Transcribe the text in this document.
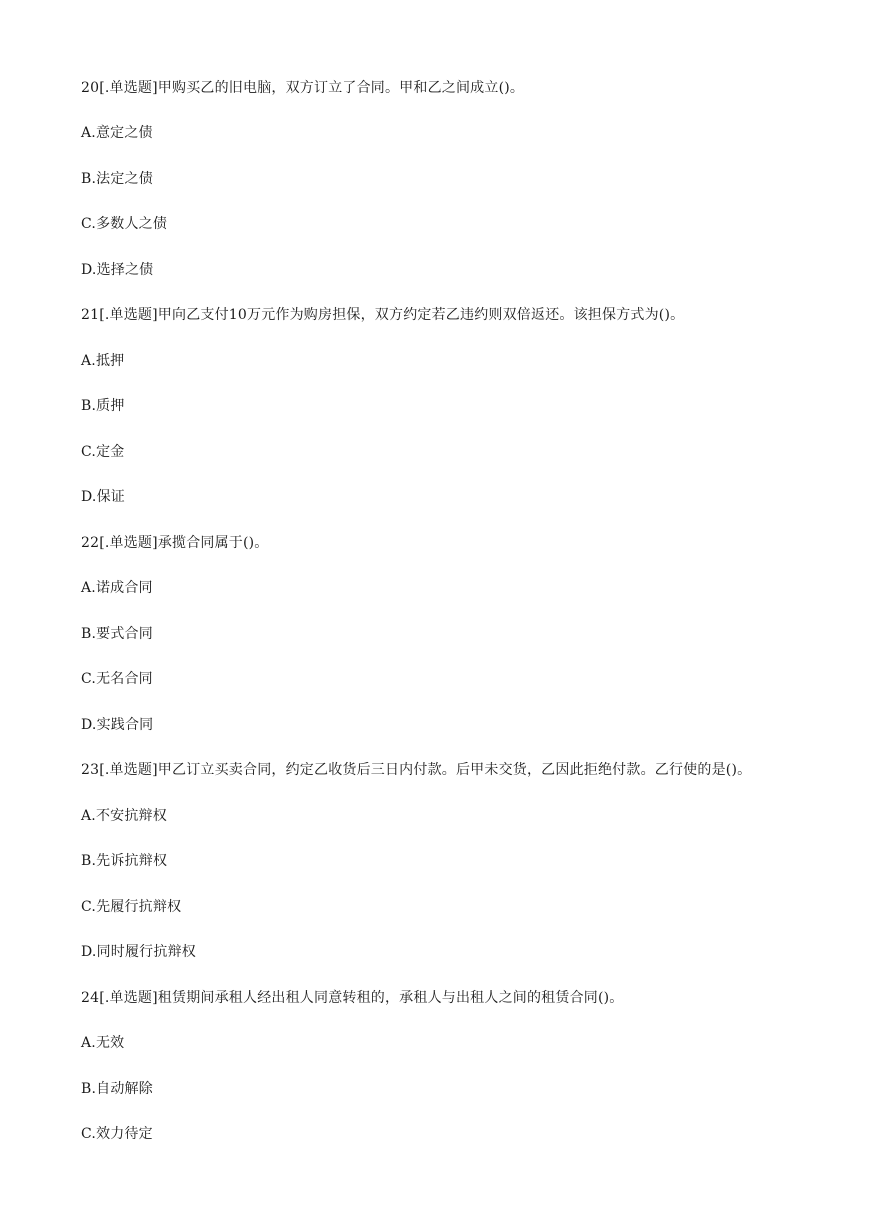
20[.单选题]甲购买乙的旧电脑，双方订立了合同。甲和乙之间成立()。
A.意定之债
B.法定之债
C.多数人之债
D.选择之债
21[.单选题]甲向乙支付10万元作为购房担保，双方约定若乙违约则双倍返还。该担保方式为()。
A.抵押
B.质押
C.定金
D.保证
22[.单选题]承揽合同属于()。
A.诺成合同
B.要式合同
C.无名合同
D.实践合同
23[.单选题]甲乙订立买卖合同，约定乙收货后三日内付款。后甲未交货，乙因此拒绝付款。乙行使的是()。
A.不安抗辩权
B.先诉抗辩权
C.先履行抗辩权
D.同时履行抗辩权
24[.单选题]租赁期间承租人经出租人同意转租的，承租人与出租人之间的租赁合同()。
A.无效
B.自动解除
C.效力待定
